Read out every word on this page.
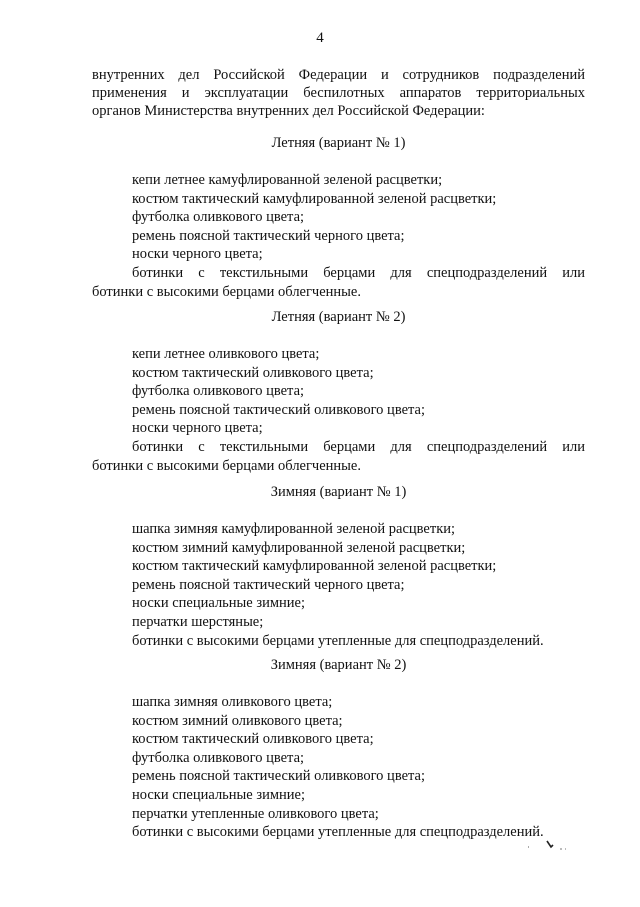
4
внутренних дел Российской Федерации и сотрудников подразделений
применения и эксплуатации беспилотных аппаратов территориальных
органов Министерства внутренних дел Российской Федерации:
Летняя (вариант № 1)
кепи летнее камуфлированной зеленой расцветки;
костюм тактический камуфлированной зеленой расцветки;
футболка оливкового цвета;
ремень поясной тактический черного цвета;
носки черного цвета;
ботинки с текстильными берцами для спецподразделений или
ботинки с высокими берцами облегченные.
Летняя (вариант № 2)
кепи летнее оливкового цвета;
костюм тактический оливкового цвета;
футболка оливкового цвета;
ремень поясной тактический оливкового цвета;
носки черного цвета;
ботинки с текстильными берцами для спецподразделений или
ботинки с высокими берцами облегченные.
Зимняя (вариант № 1)
шапка зимняя камуфлированной зеленой расцветки;
костюм зимний камуфлированной зеленой расцветки;
костюм тактический камуфлированной зеленой расцветки;
ремень поясной тактический черного цвета;
носки специальные зимние;
перчатки шерстяные;
ботинки с высокими берцами утепленные для спецподразделений.
Зимняя (вариант № 2)
шапка зимняя оливкового цвета;
костюм зимний оливкового цвета;
костюм тактический оливкового цвета;
футболка оливкового цвета;
ремень поясной тактический оливкового цвета;
носки специальные зимние;
перчатки утепленные оливкового цвета;
ботинки с высокими берцами утепленные для спецподразделений.
